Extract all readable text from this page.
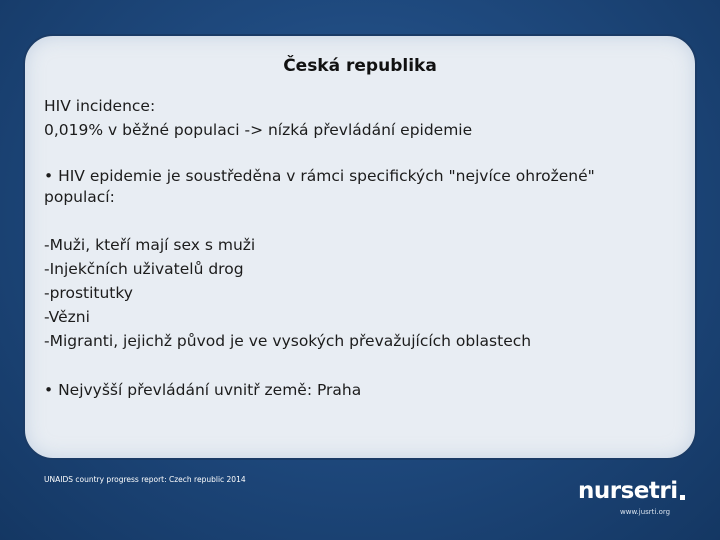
Česká republika
HIV incidence:
0,019% v běžné populaci -> nízká převládání epidemie
• HIV epidemie je soustředěna v rámci specifických "nejvíce ohrožené"
populací:
-Muži, kteří mají sex s muži
-Injekčních uživatelů drog
-prostitutky
-Vězni
-Migranti, jejichž původ je ve vysokých převažujících oblastech
• Nejvyšší převládání uvnitř země: Praha
UNAIDS country progress report: Czech republic 2014	nursetri
www.jusrti.org
